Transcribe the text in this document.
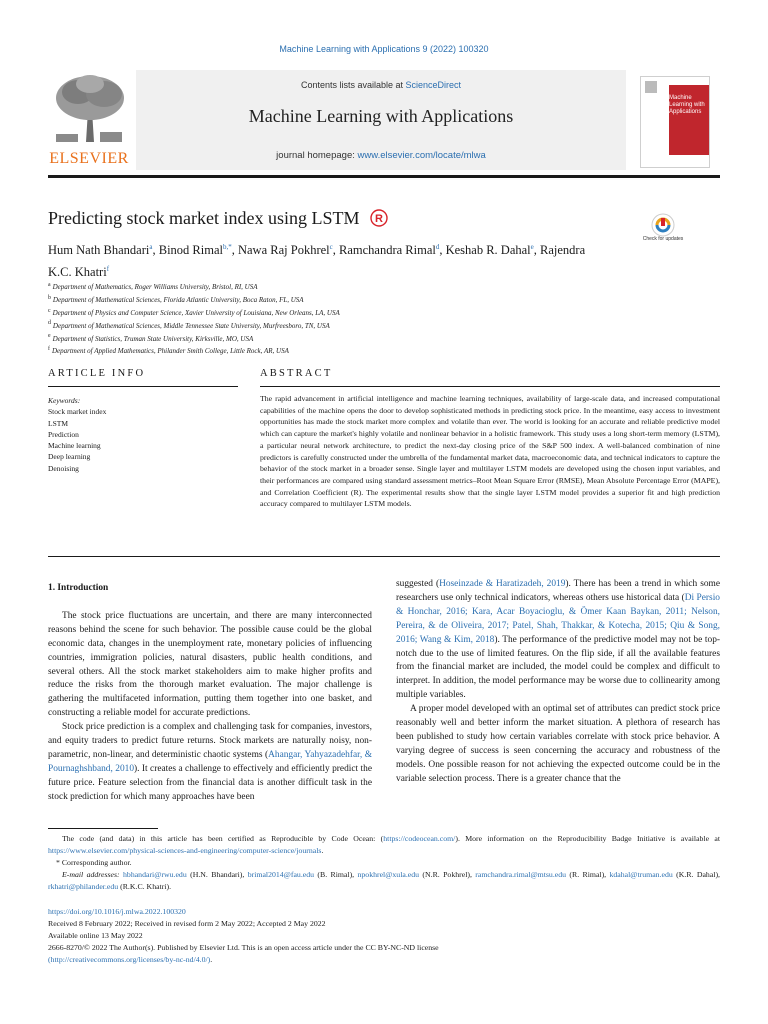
Machine Learning with Applications 9 (2022) 100320
ELSEVIER
Contents lists available at ScienceDirect
Machine Learning with Applications
journal homepage: www.elsevier.com/locate/mlwa
Machine Learning with Applications
Predicting stock market index using LSTM R
Check for updates
Hum Nath Bhandari$^a$, Binod Rimal$^{b,*}$, Nawa Raj Pokhrel$^c$, Ramchandra Rimal$^d$, Keshab R. Dahal$^e$, Rajendra K.C. Khatri$^f$
$^a$ Department of Mathematics, Roger Williams University, Bristol, RI, USA
$^b$ Department of Mathematical Sciences, Florida Atlantic University, Boca Raton, FL, USA
$^c$ Department of Physics and Computer Science, Xavier University of Louisiana, New Orleans, LA, USA
$^d$ Department of Mathematical Sciences, Middle Tennessee State University, Murfreesboro, TN, USA
$^e$ Department of Statistics, Truman State University, Kirksville, MO, USA
$^f$ Department of Applied Mathematics, Philander Smith College, Little Rock, AR, USA
ARTICLE INFO	ABSTRACT
Keywords:
Stock market index
LSTM
Prediction
Machine learning
Deep learning
Denoising
The rapid advancement in artificial intelligence and machine learning techniques, availability of large-scale data, and increased computational capabilities of the machine opens the door to develop sophisticated methods in predicting stock price. In the meantime, easy access to investment opportunities has made the stock market more complex and volatile than ever. The world is looking for an accurate and reliable predictive model which can capture the market's highly volatile and nonlinear behavior in a holistic framework. This study uses a long short-term memory (LSTM), a particular neural network architecture, to predict the next-day closing price of the S&P 500 index. A well-balanced combination of nine predictors is carefully constructed under the umbrella of the fundamental market data, macroeconomic data, and technical indicators to capture the behavior of the stock market in a broader sense. Single layer and multilayer LSTM models are developed using the chosen input variables, and their performances are compared using standard assessment metrics–Root Mean Square Error (RMSE), Mean Absolute Percentage Error (MAPE), and Correlation Coefficient (R). The experimental results show that the single layer LSTM model provides a superior fit and high prediction accuracy compared to multilayer LSTM models.
1. Introduction

The stock price fluctuations are uncertain, and there are many interconnected reasons behind the scene for such behavior. The possible cause could be the global economic data, changes in the unemployment rate, monetary policies of influencing countries, immigration policies, natural disasters, public health conditions, and several others. All the stock market stakeholders aim to make higher profits and reduce the risks from the thorough market evaluation. The major challenge is gathering the multifaceted information, putting them together into one basket, and constructing a reliable model for accurate predictions.

Stock price prediction is a complex and challenging task for companies, investors, and equity traders to predict future returns. Stock markets are naturally noisy, non-parametric, non-linear, and deterministic chaotic systems (Ahangar, Yahyazadehfar, & Pournaghshband, 2010). It creates a challenge to effectively and efficiently predict the future price. Feature selection from the financial data is another difficult task in the stock prediction for which many approaches have been

suggested (Hoseinzade & Haratizadeh, 2019). There has been a trend in which some researchers use only technical indicators, whereas others use historical data (Di Persio & Honchar, 2016; Kara, Acar Boyacioglu, & Ömer Kaan Baykan, 2011; Nelson, Pereira, & de Oliveira, 2017; Patel, Shah, Thakkar, & Kotecha, 2015; Qiu & Song, 2016; Wang & Kim, 2018). The performance of the predictive model may not be top-notch due to the use of limited features. On the flip side, if all the available features from the financial market are included, the model could be complex and difficult to interpret. In addition, the model performance may be worse due to collinearity among multiple variables.

A proper model developed with an optimal set of attributes can predict stock price reasonably well and better inform the market situation. A plethora of research has been published to study how certain variables correlate with stock price behavior. A varying degree of success is seen concerning the accuracy and robustness of the models. One possible reason for not achieving the expected outcome could be in the variable selection process. There is a greater chance that the

The code (and data) in this article has been certified as Reproducible by Code Ocean: (https://codeocean.com/). More information on the Reproducibility Badge Initiative is available at https://www.elsevier.com/physical-sciences-and-engineering/computer-science/journals.

* Corresponding author.

E-mail addresses: hbhandari@rwu.edu (H.N. Bhandari), brimal2014@fau.edu (B. Rimal), npokhrel@xula.edu (N.R. Pokhrel), ramchandra.rimal@mtsu.edu (R. Rimal), kdahal@truman.edu (K.R. Dahal), rkhatri@philander.edu (R.K.C. Khatri).

https://doi.org/10.1016/j.mlwa.2022.100320

Received 8 February 2022; Received in revised form 2 May 2022; Accepted 2 May 2022

Available online 13 May 2022

2666-8270/© 2022 The Author(s). Published by Elsevier Ltd. This is an open access article under the CC BY-NC-ND license

(http://creativecommons.org/licenses/by-nc-nd/4.0/).
